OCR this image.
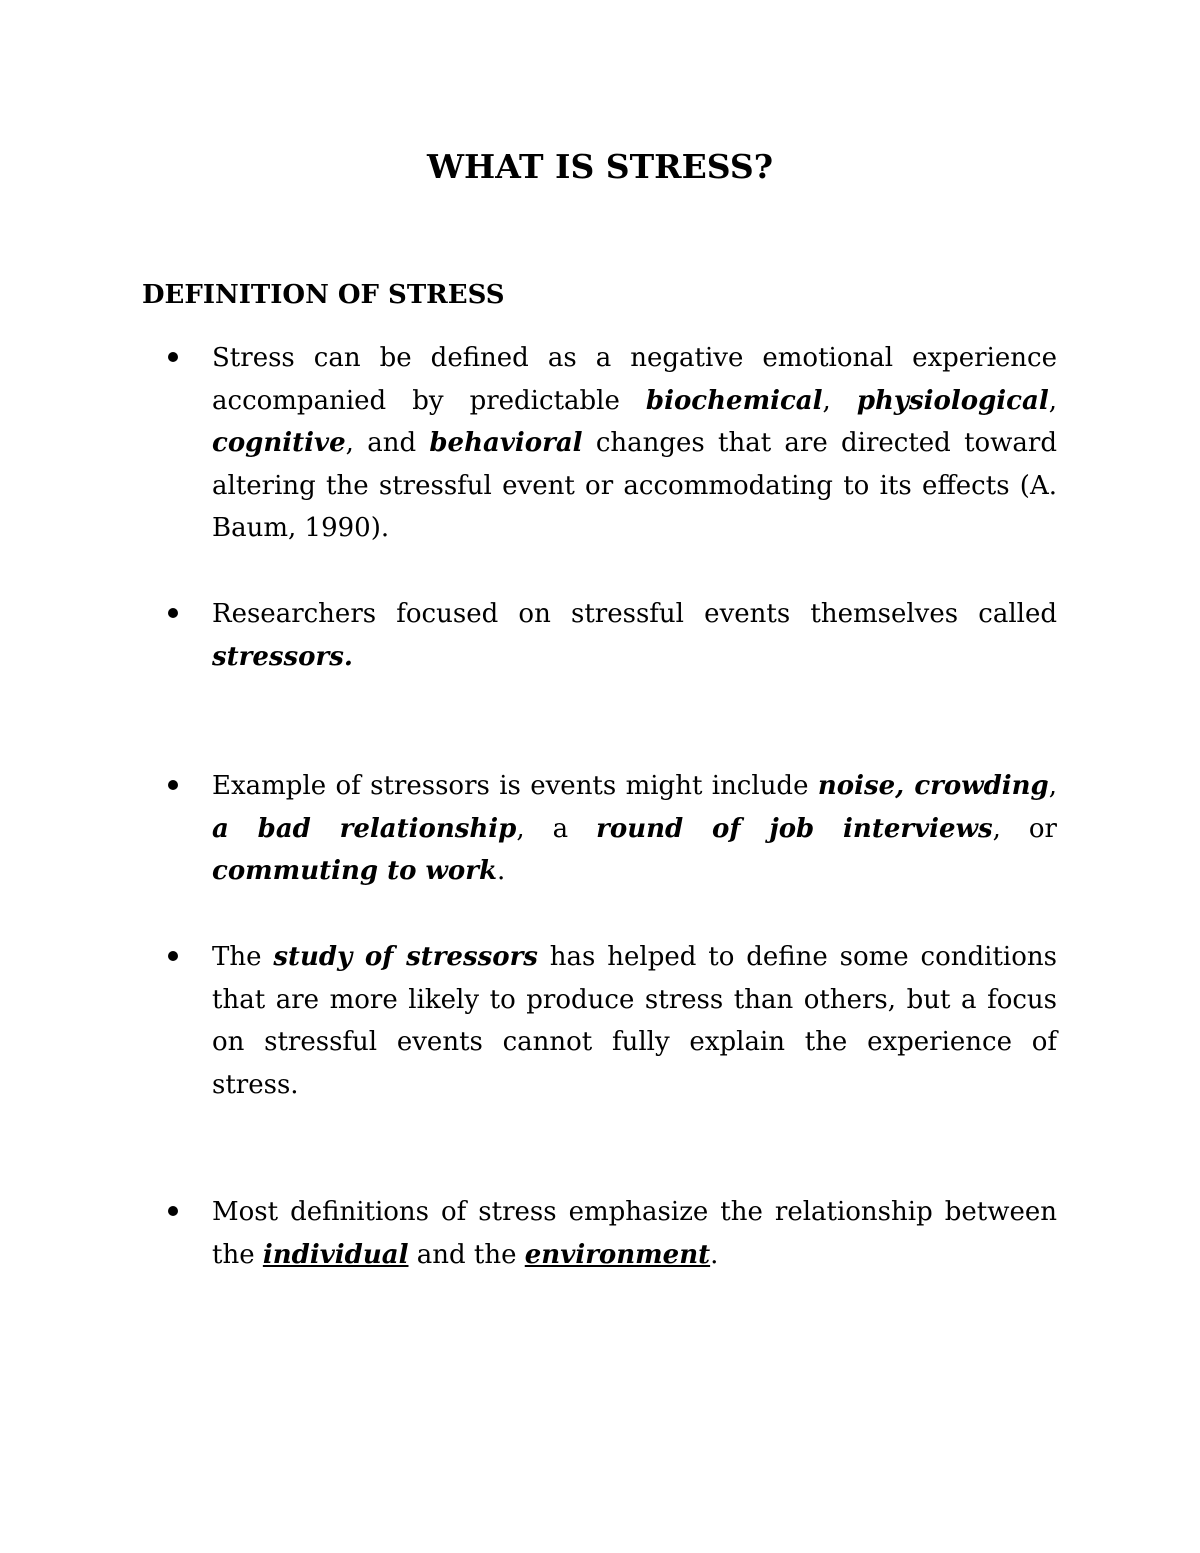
WHAT IS STRESS?
DEFINITION OF STRESS

Stress can be defined as a negative emotional experience accompanied by predictable biochemical, physiological, cognitive, and behavioral changes that are directed toward altering the stressful event or accommodating to its effects (A. Baum, 1990).

Researchers focused on stressful events themselves called stressors.

Example of stressors is events might include noise, crowding, a bad relationship, a round of job interviews, or commuting to work.

The study of stressors has helped to define some conditions that are more likely to produce stress than others, but a focus on stressful events cannot fully explain the experience of stress.

Most definitions of stress emphasize the relationship between the individual and the environment.
